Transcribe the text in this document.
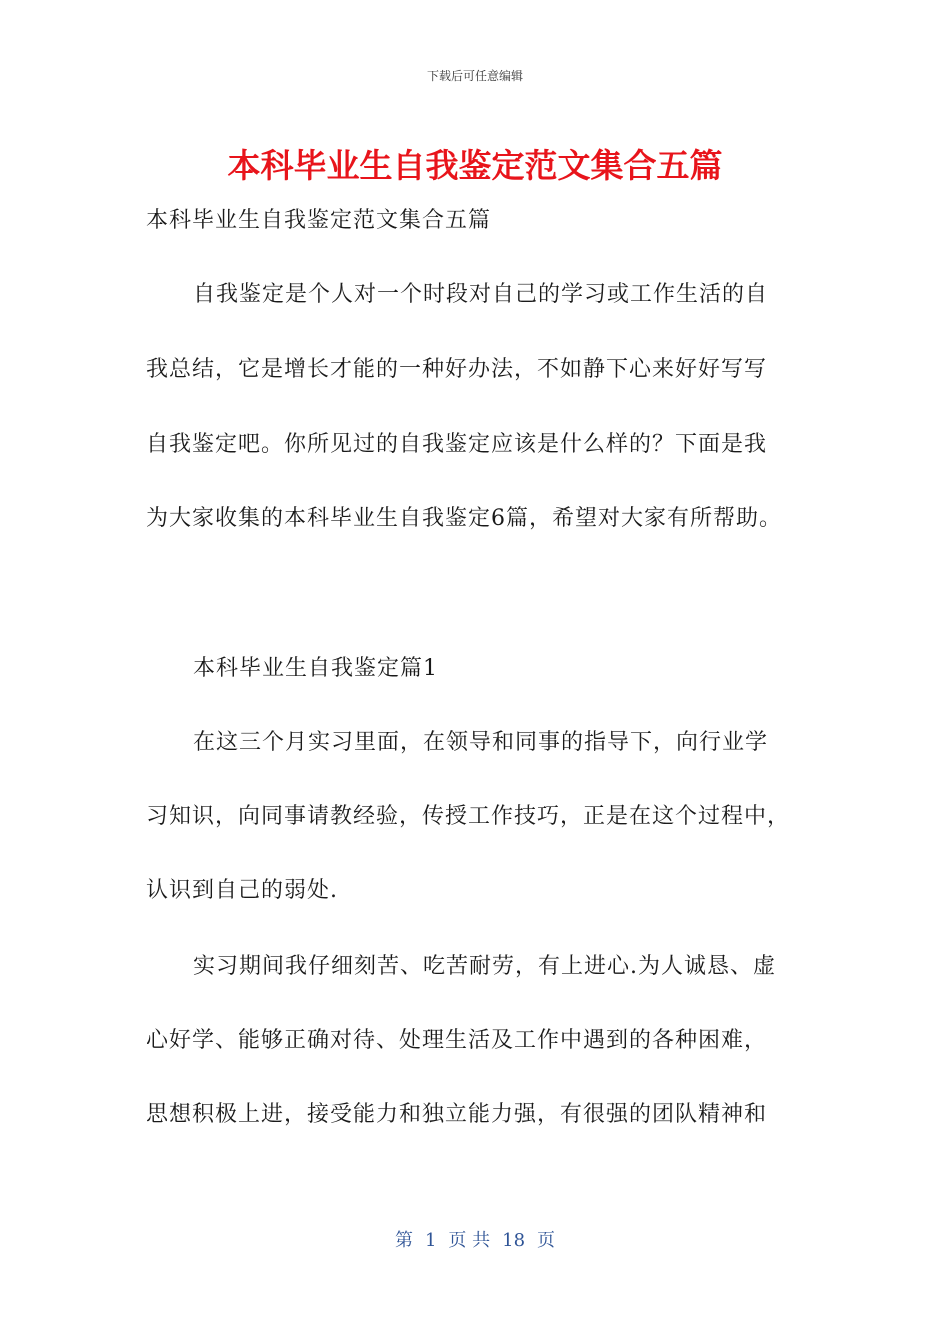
下载后可任意编辑
本科毕业生自我鉴定范文集合五篇
本科毕业生自我鉴定范文集合五篇
自我鉴定是个人对一个时段对自己的学习或工作生活的自
我总结，它是增长才能的一种好办法，不如静下心来好好写写
自我鉴定吧。你所见过的自我鉴定应该是什么样的？下面是我
为大家收集的本科毕业生自我鉴定6篇，希望对大家有所帮助。
本科毕业生自我鉴定篇1
在这三个月实习里面，在领导和同事的指导下，向行业学
习知识，向同事请教经验，传授工作技巧，正是在这个过程中，
认识到自己的弱处.
实习期间我仔细刻苦、吃苦耐劳，有上进心.为人诚恳、虚
心好学、能够正确对待、处理生活及工作中遇到的各种困难，
思想积极上进，接受能力和独立能力强，有很强的团队精神和
第 1 页 共 18 页
